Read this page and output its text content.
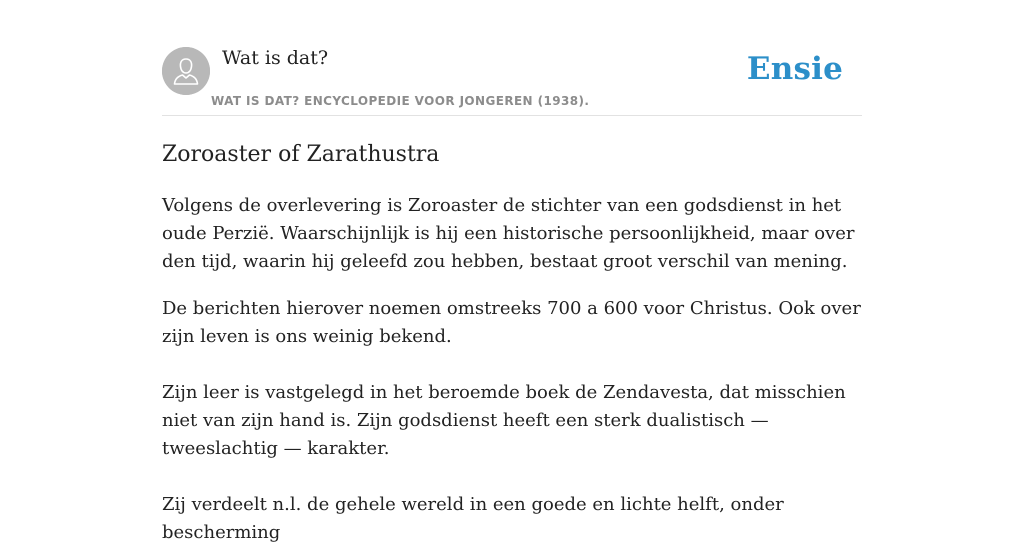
Wat is dat?
WAT IS DAT? ENCYCLOPEDIE VOOR JONGEREN (1938).
Ensie
Zoroaster of Zarathustra

Volgens de overlevering is Zoroaster de stichter van een godsdienst in het oude Perzië. Waarschijnlijk is hij een historische persoonlijkheid, maar over den tijd, waarin hij geleefd zou hebben, bestaat groot verschil van mening.

De berichten hierover noemen omstreeks 700 a 600 voor Christus. Ook over zijn leven is ons weinig bekend.

Zijn leer is vastgelegd in het beroemde boek de Zendavesta, dat misschien niet van zijn hand is. Zijn godsdienst heeft een sterk dualistisch — tweeslachtig — karakter.

Zij verdeelt n.l. de gehele wereld in een goede en lichte helft, onder bescherming
